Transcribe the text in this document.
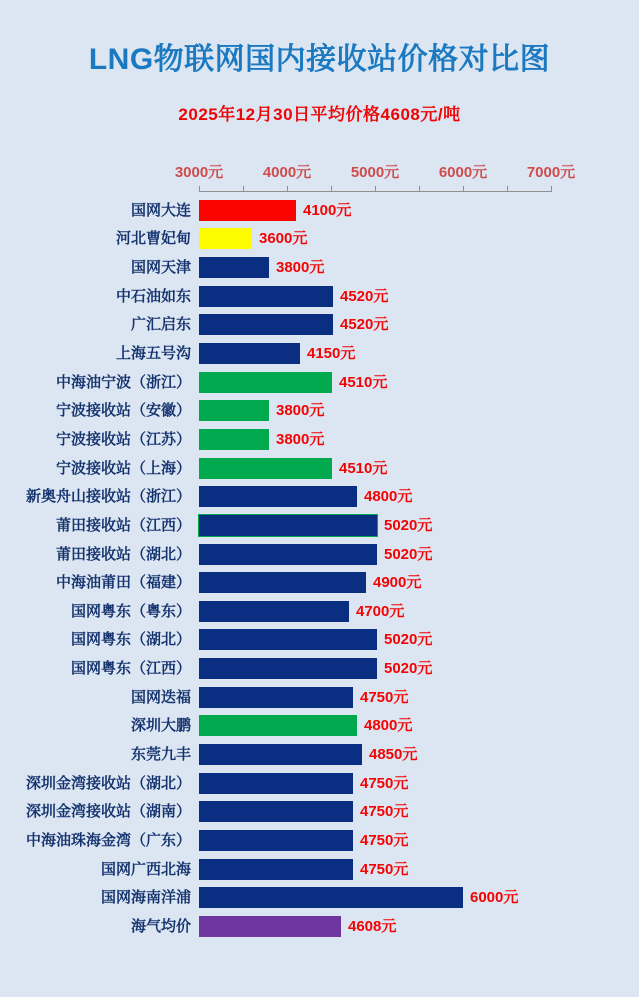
LNG物联网国内接收站价格对比图
2025年12月30日平均价格4608元/吨
3000元	4000元	5000元	6000元	7000元
国网大连	4100元
河北曹妃甸	3600元
国网天津	3800元
中石油如东	4520元
广汇启东	4520元
上海五号沟	4150元
中海油宁波（浙江）	4510元
宁波接收站（安徽）	3800元
宁波接收站（江苏）	3800元
宁波接收站（上海）	4510元
新奥舟山接收站（浙江）	4800元
莆田接收站（江西）	5020元
莆田接收站（湖北）	5020元
中海油莆田（福建）	4900元
国网粤东（粤东）	4700元
国网粤东（湖北）	5020元
国网粤东（江西）	5020元
国网迭福	4750元
深圳大鹏	4800元
东莞九丰	4850元
深圳金湾接收站（湖北）	4750元
深圳金湾接收站（湖南）	4750元
中海油珠海金湾（广东）	4750元
国网广西北海	4750元
国网海南洋浦	6000元
海气均价	4608元
